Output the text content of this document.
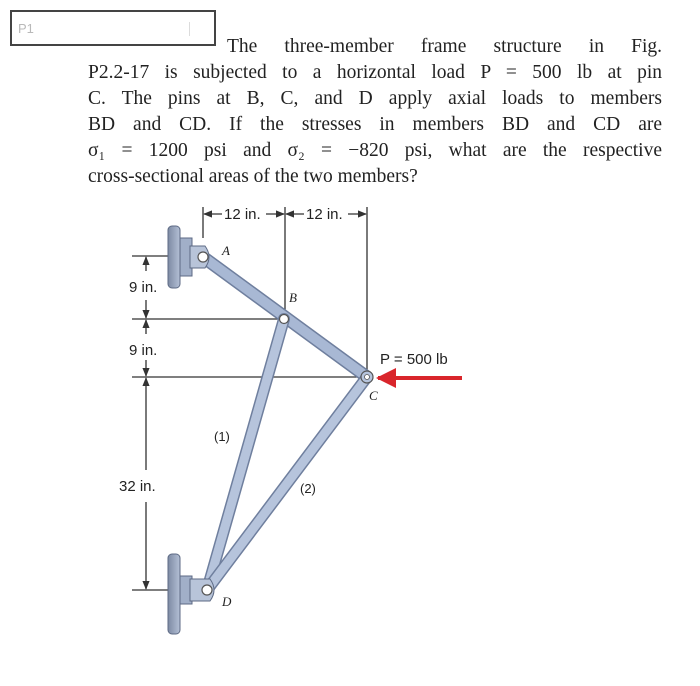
P1
The three-member frame structure in Fig.
P2.2-17 is subjected to a horizontal load P = 500 lb at pin
C. The pins at B, C, and D apply axial loads to members
BD and CD. If the stresses in members BD and CD are
σ₁ = 1200 psi and σ₂ = −820 psi, what are the respective
cross-sectional areas of the two members?
12 in.	12 in.
9 in.
9 in.
32 in.
P = 500 lb
A
B
C
D
(1)
(2)
